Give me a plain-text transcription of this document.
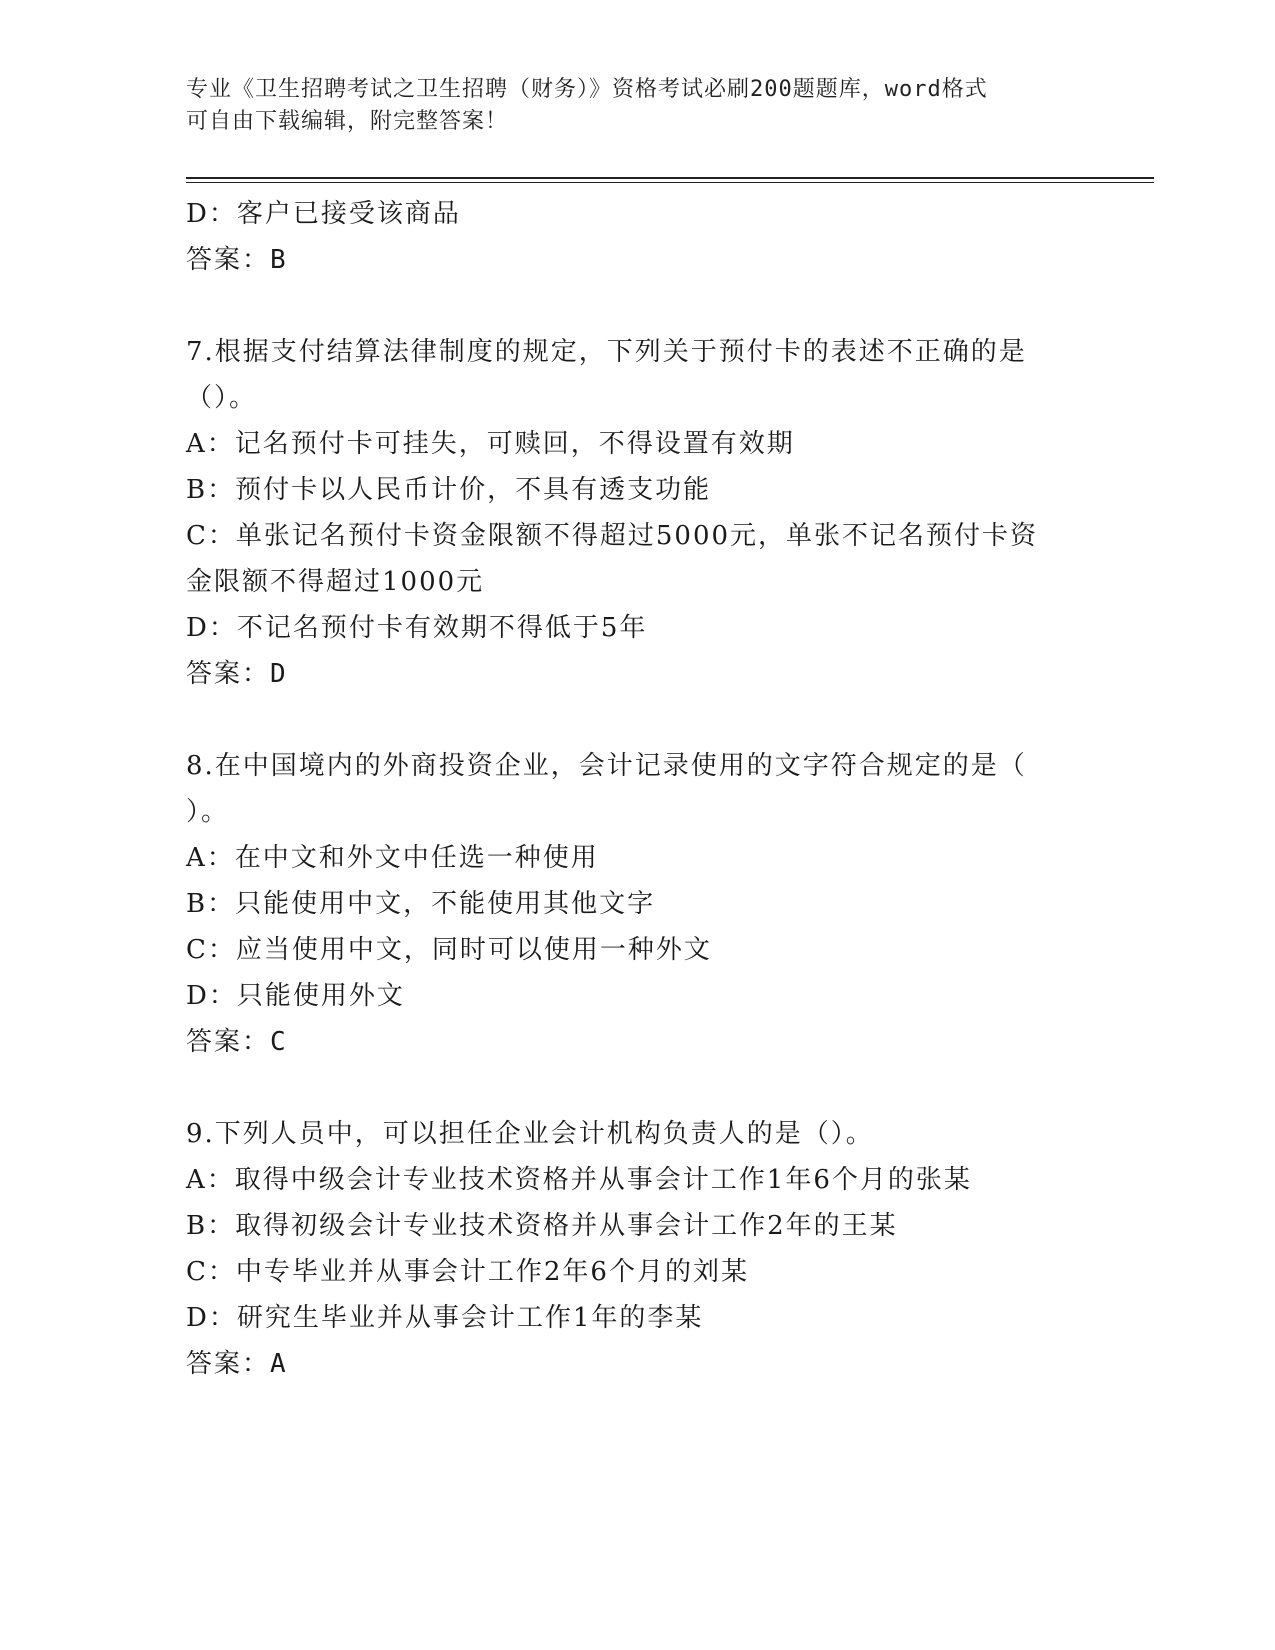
专业《卫生招聘考试之卫生招聘（财务）》资格考试必刷200题题库，word格式
可自由下载编辑，附完整答案！
D：客户已接受该商品
答案：B
7.根据支付结算法律制度的规定，下列关于预付卡的表述不正确的是
（）。
A：记名预付卡可挂失，可赎回，不得设置有效期
B：预付卡以人民币计价，不具有透支功能
C：单张记名预付卡资金限额不得超过5000元，单张不记名预付卡资
金限额不得超过1000元
D：不记名预付卡有效期不得低于5年
答案：D
8.在中国境内的外商投资企业，会计记录使用的文字符合规定的是（
）。
A：在中文和外文中任选一种使用
B：只能使用中文，不能使用其他文字
C：应当使用中文，同时可以使用一种外文
D：只能使用外文
答案：C
9.下列人员中，可以担任企业会计机构负责人的是（）。
A：取得中级会计专业技术资格并从事会计工作1年6个月的张某
B：取得初级会计专业技术资格并从事会计工作2年的王某
C：中专毕业并从事会计工作2年6个月的刘某
D：研究生毕业并从事会计工作1年的李某
答案：A
